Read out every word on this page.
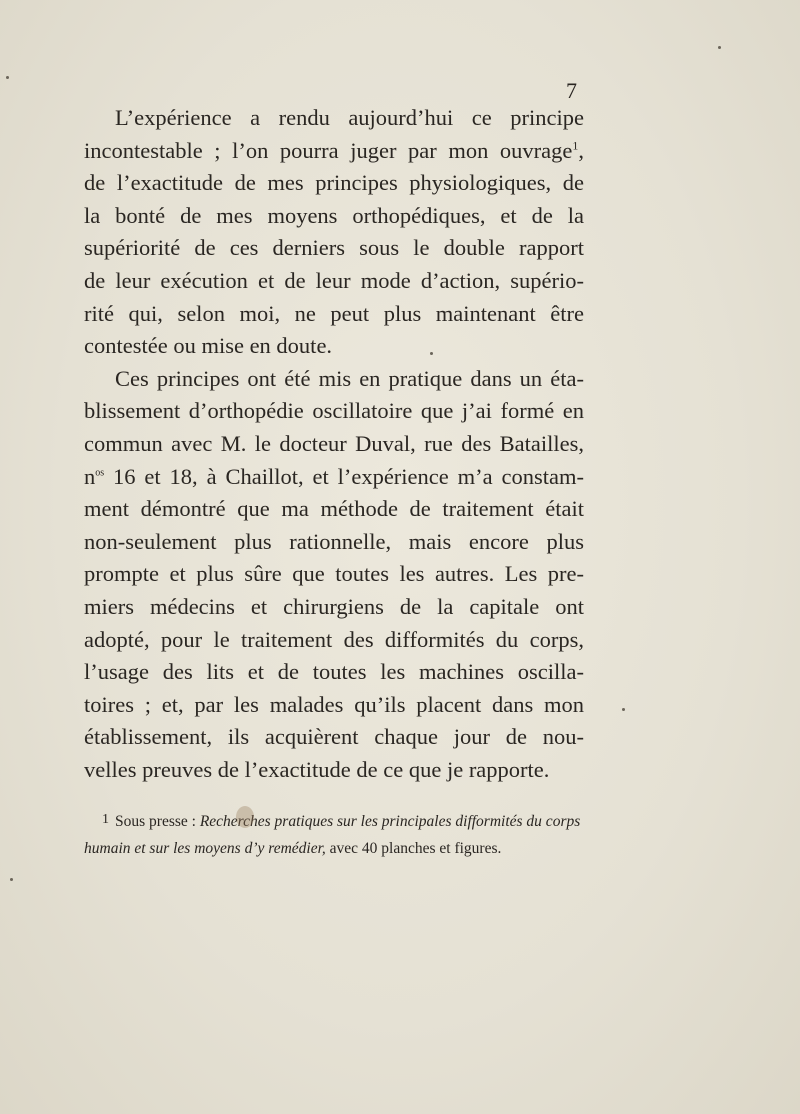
7
L’expérience a rendu aujourd’hui ce principe
incontestable ; l’on pourra juger par mon ouvrage$^1$,
de l’exactitude de mes principes physiologiques, de
la bonté de mes moyens orthopédiques, et de la
supériorité de ces derniers sous le double rapport
de leur exécution et de leur mode d’action, supério-
rité qui, selon moi, ne peut plus maintenant être
contestée ou mise en doute.
Ces principes ont été mis en pratique dans un éta-
blissement d’orthopédie oscillatoire que j’ai formé en
commun avec M. le docteur Duval, rue des Batailles,
$n^{os}$ 16 et 18, à Chaillot, et l’expérience m’a constam-
ment démontré que ma méthode de traitement était
non-seulement plus rationnelle, mais encore plus
prompte et plus sûre que toutes les autres. Les pre-
miers médecins et chirurgiens de la capitale ont
adopté, pour le traitement des difformités du corps,
l’usage des lits et de toutes les machines oscilla-
toires ; et, par les malades qu’ils placent dans mon
établissement, ils acquièrent chaque jour de nou-
velles preuves de l’exactitude de ce que je rapporte.
1 Sous presse : Recherches pratiques sur les principales difformités du corps
humain et sur les moyens d’y remédier, avec 40 planches et figures.
